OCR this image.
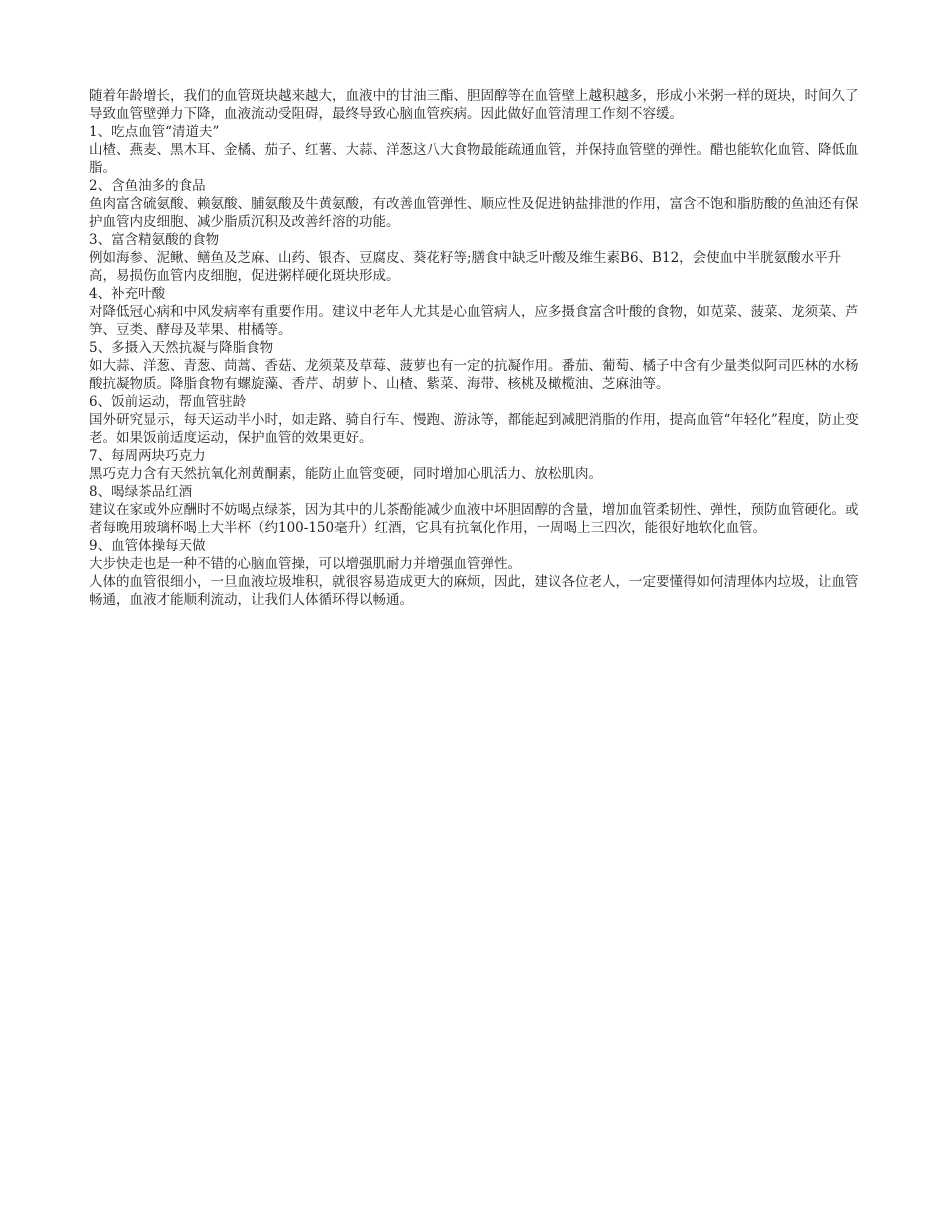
随着年龄增长，我们的血管斑块越来越大，血液中的甘油三酯、胆固醇等在血管壁上越积越多，形成小米粥一样的斑块，时间久了导致血管壁弹力下降，血液流动受阻碍，最终导致心脑血管疾病。因此做好血管清理工作刻不容缓。

1、吃点血管“清道夫”

山楂、燕麦、黑木耳、金橘、茄子、红薯、大蒜、洋葱这八大食物最能疏通血管，并保持血管壁的弹性。醋也能软化血管、降低血脂。

2、含鱼油多的食品

鱼肉富含硫氨酸、赖氨酸、脯氨酸及牛黄氨酸，有改善血管弹性、顺应性及促进钠盐排泄的作用，富含不饱和脂肪酸的鱼油还有保护血管内皮细胞、减少脂质沉积及改善纤溶的功能。

3、富含精氨酸的食物

例如海参、泥鳅、鳝鱼及芝麻、山药、银杏、豆腐皮、葵花籽等;膳食中缺乏叶酸及维生素B6、B12，会使血中半胱氨酸水平升高，易损伤血管内皮细胞，促进粥样硬化斑块形成。

4、补充叶酸

对降低冠心病和中风发病率有重要作用。建议中老年人尤其是心血管病人，应多摄食富含叶酸的食物，如苋菜、菠菜、龙须菜、芦笋、豆类、酵母及苹果、柑橘等。

5、多摄入天然抗凝与降脂食物

如大蒜、洋葱、青葱、茼蒿、香菇、龙须菜及草莓、菠萝也有一定的抗凝作用。番茄、葡萄、橘子中含有少量类似阿司匹林的水杨酸抗凝物质。降脂食物有螺旋藻、香芹、胡萝卜、山楂、紫菜、海带、核桃及橄榄油、芝麻油等。

6、饭前运动，帮血管驻龄

国外研究显示，每天运动半小时，如走路、骑自行车、慢跑、游泳等，都能起到减肥消脂的作用，提高血管“年轻化”程度，防止变老。如果饭前适度运动，保护血管的效果更好。

7、每周两块巧克力

黑巧克力含有天然抗氧化剂黄酮素，能防止血管变硬，同时增加心肌活力、放松肌肉。

8、喝绿茶品红酒

建议在家或外应酬时不妨喝点绿茶，因为其中的儿茶酚能减少血液中坏胆固醇的含量，增加血管柔韧性、弹性，预防血管硬化。或者每晚用玻璃杯喝上大半杯（约100-150毫升）红酒，它具有抗氧化作用，一周喝上三四次，能很好地软化血管。

9、血管体操每天做

大步快走也是一种不错的心脑血管操，可以增强肌耐力并增强血管弹性。

人体的血管很细小，一旦血液垃圾堆积，就很容易造成更大的麻烦，因此，建议各位老人，一定要懂得如何清理体内垃圾，让血管畅通，血液才能顺利流动，让我们人体循环得以畅通。
